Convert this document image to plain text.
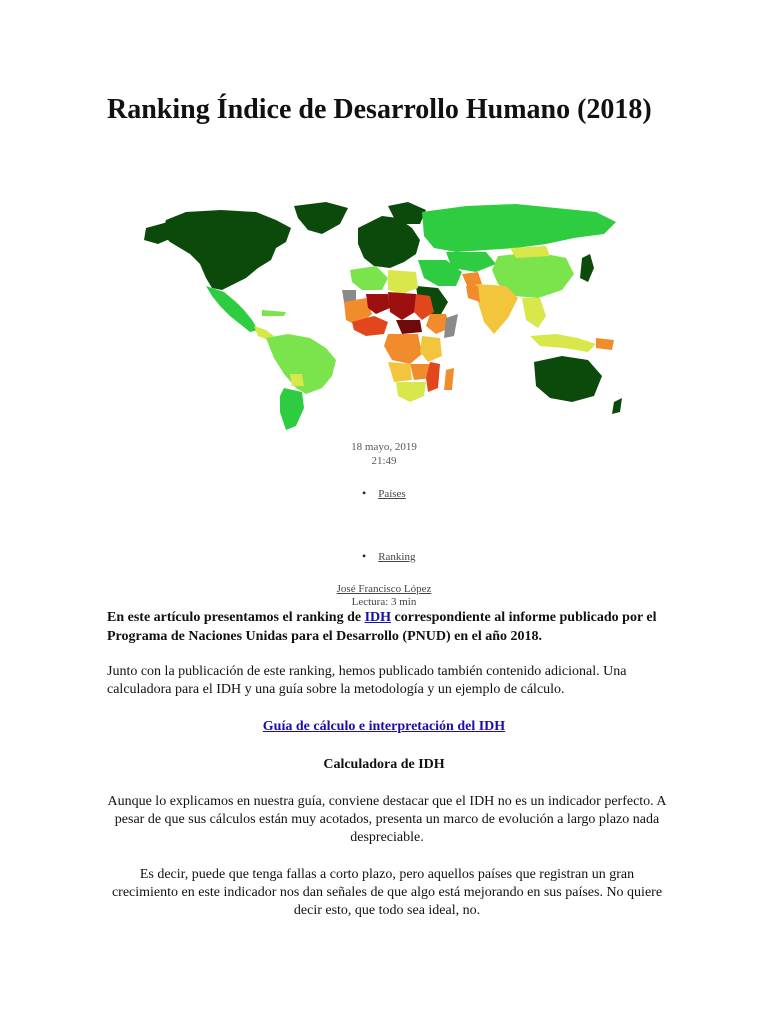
Ranking Índice de Desarrollo Humano (2018)
18 mayo, 2019
21:49
• Países
• Ranking
José Francisco López
Lectura: 3 min

En este artículo presentamos el ranking de IDH correspondiente al informe publicado por el Programa de Naciones Unidas para el Desarrollo (PNUD) en el año 2018.

Junto con la publicación de este ranking, hemos publicado también contenido adicional. Una calculadora para el IDH y una guía sobre la metodología y un ejemplo de cálculo.

Guía de cálculo e interpretación del IDH
Calculadora de IDH

Aunque lo explicamos en nuestra guía, conviene destacar que el IDH no es un indicador perfecto. A pesar de que sus cálculos están muy acotados, presenta un marco de evolución a largo plazo nada despreciable.

Es decir, puede que tenga fallas a corto plazo, pero aquellos países que registran un gran crecimiento en este indicador nos dan señales de que algo está mejorando en sus países. No quiere decir esto, que todo sea ideal, no.
